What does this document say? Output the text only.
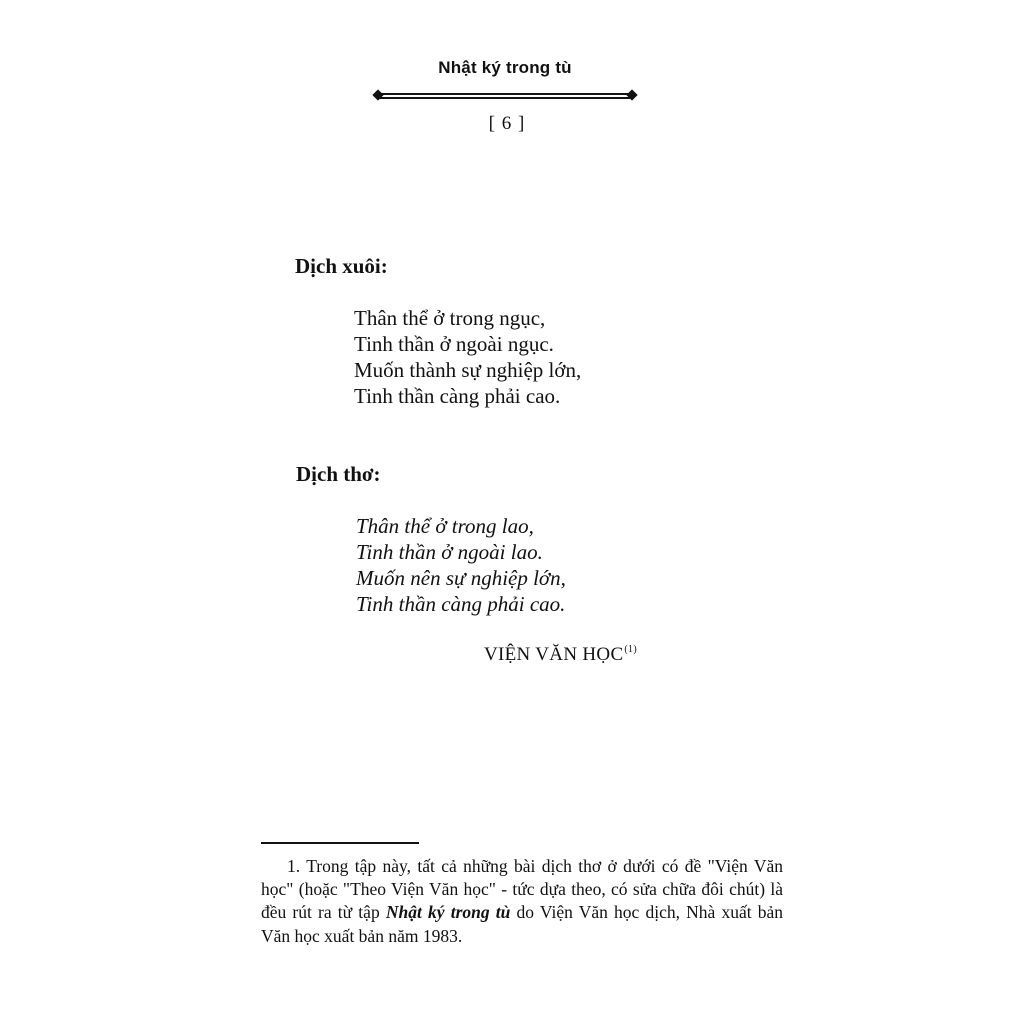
Nhật ký trong tù
[ 6 ]
Dịch xuôi:
Thân thể ở trong ngục,
Tinh thần ở ngoài ngục.
Muốn thành sự nghiệp lớn,
Tinh thần càng phải cao.
Dịch thơ:
Thân thể ở trong lao,
Tinh thần ở ngoài lao.
Muốn nên sự nghiệp lớn,
Tinh thần càng phải cao.
VIỆN VĂN HỌC$^{(1)}$
1. Trong tập này, tất cả những bài dịch thơ ở dưới có đề "Viện Văn học" (hoặc "Theo Viện Văn học" - tức dựa theo, có sửa chữa đôi chút) là đều rút ra từ tập Nhật ký trong tù do Viện Văn học dịch, Nhà xuất bản Văn học xuất bản năm 1983.
